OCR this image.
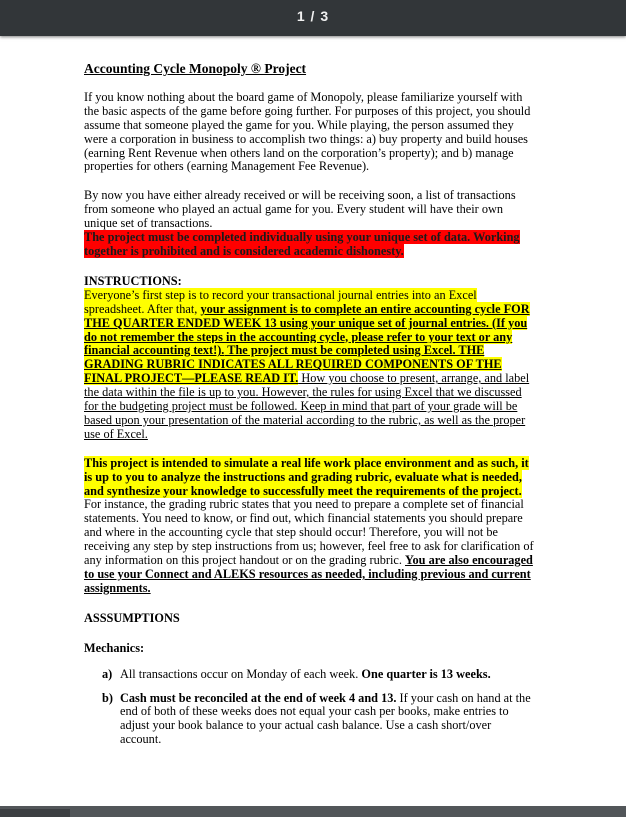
1 / 3

Accounting Cycle Monopoly ® Project

If you know nothing about the board game of Monopoly, please familiarize yourself with the basic aspects of the game before going further. For purposes of this project, you should assume that someone played the game for you. While playing, the person assumed they were a corporation in business to accomplish two things: a) buy property and build houses (earning Rent Revenue when others land on the corporation’s property); and b) manage properties for others (earning Management Fee Revenue).

By now you have either already received or will be receiving soon, a list of transactions from someone who played an actual game for you. Every student will have their own unique set of transactions.

The project must be completed individually using your unique set of data. Working together is prohibited and is considered academic dishonesty.

INSTRUCTIONS:

Everyone’s first step is to record your transactional journal entries into an Excel spreadsheet. After that, your assignment is to complete an entire accounting cycle FOR THE QUARTER ENDED WEEK 13 using your unique set of journal entries. (If you do not remember the steps in the accounting cycle, please refer to your text or any financial accounting text!). The project must be completed using Excel. THE GRADING RUBRIC INDICATES ALL REQUIRED COMPONENTS OF THE FINAL PROJECT—PLEASE READ IT. How you choose to present, arrange, and label the data within the file is up to you. However, the rules for using Excel that we discussed for the budgeting project must be followed. Keep in mind that part of your grade will be based upon your presentation of the material according to the rubric, as well as the proper use of Excel.

This project is intended to simulate a real life work place environment and as such, it is up to you to analyze the instructions and grading rubric, evaluate what is needed, and synthesize your knowledge to successfully meet the requirements of the project. For instance, the grading rubric states that you need to prepare a complete set of financial statements. You need to know, or find out, which financial statements you should prepare and where in the accounting cycle that step should occur! Therefore, you will not be receiving any step by step instructions from us; however, feel free to ask for clarification of any information on this project handout or on the grading rubric. You are also encouraged to use your Connect and ALEKS resources as needed, including previous and current assignments.

ASSSUMPTIONS

Mechanics:

a) All transactions occur on Monday of each week. One quarter is 13 weeks.
b) Cash must be reconciled at the end of week 4 and 13. If your cash on hand at the end of both of these weeks does not equal your cash per books, make entries to adjust your book balance to your actual cash balance. Use a cash short/over account.
